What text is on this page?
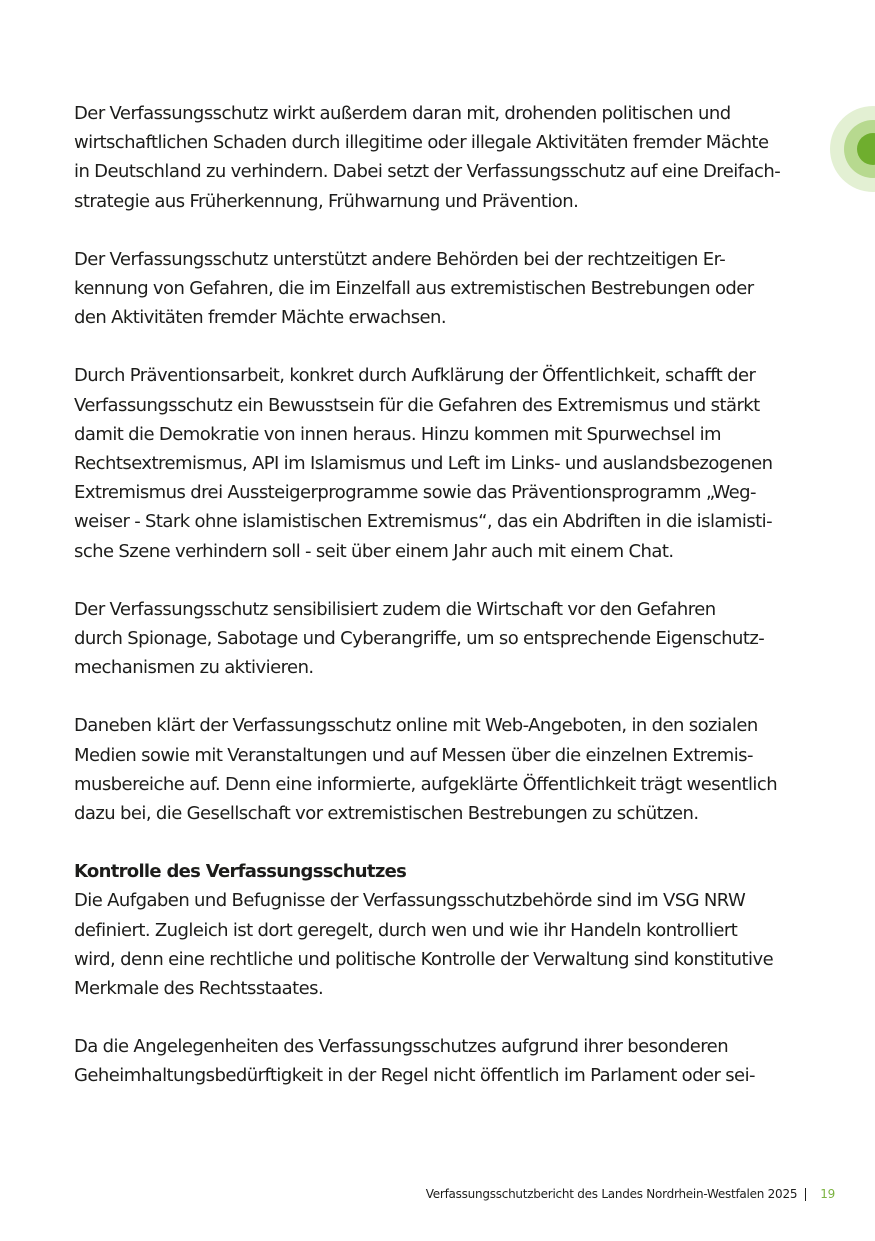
Der Verfassungsschutz wirkt außerdem daran mit, drohenden politischen und
wirtschaftlichen Schaden durch illegitime oder illegale Aktivitäten fremder Mächte
in Deutschland zu verhindern. Dabei setzt der Verfassungsschutz auf eine Dreifach-
strategie aus Früherkennung, Frühwarnung und Prävention.

Der Verfassungsschutz unterstützt andere Behörden bei der rechtzeitigen Er-
kennung von Gefahren, die im Einzelfall aus extremistischen Bestrebungen oder
den Aktivitäten fremder Mächte erwachsen.

Durch Präventionsarbeit, konkret durch Aufklärung der Öffentlichkeit, schafft der
Verfassungsschutz ein Bewusstsein für die Gefahren des Extremismus und stärkt
damit die Demokratie von innen heraus. Hinzu kommen mit Spurwechsel im
Rechtsextremismus, API im Islamismus und Left im Links- und auslandsbezogenen
Extremismus drei Aussteigerprogramme sowie das Präventionsprogramm „Weg-
weiser - Stark ohne islamistischen Extremismus“, das ein Abdriften in die islamisti-
sche Szene verhindern soll - seit über einem Jahr auch mit einem Chat.

Der Verfassungsschutz sensibilisiert zudem die Wirtschaft vor den Gefahren
durch Spionage, Sabotage und Cyberangriffe, um so entsprechende Eigenschutz-
mechanismen zu aktivieren.

Daneben klärt der Verfassungsschutz online mit Web-Angeboten, in den sozialen
Medien sowie mit Veranstaltungen und auf Messen über die einzelnen Extremis-
musbereiche auf. Denn eine informierte, aufgeklärte Öffentlichkeit trägt wesentlich
dazu bei, die Gesellschaft vor extremistischen Bestrebungen zu schützen.

Kontrolle des Verfassungsschutzes

Die Aufgaben und Befugnisse der Verfassungsschutzbehörde sind im VSG NRW
definiert. Zugleich ist dort geregelt, durch wen und wie ihr Handeln kontrolliert
wird, denn eine rechtliche und politische Kontrolle der Verwaltung sind konstitutive
Merkmale des Rechtsstaates.

Da die Angelegenheiten des Verfassungsschutzes aufgrund ihrer besonderen
Geheimhaltungsbedürftigkeit in der Regel nicht öffentlich im Parlament oder sei-

Verfassungsschutzbericht des Landes Nordrhein-Westfalen 2025 19
